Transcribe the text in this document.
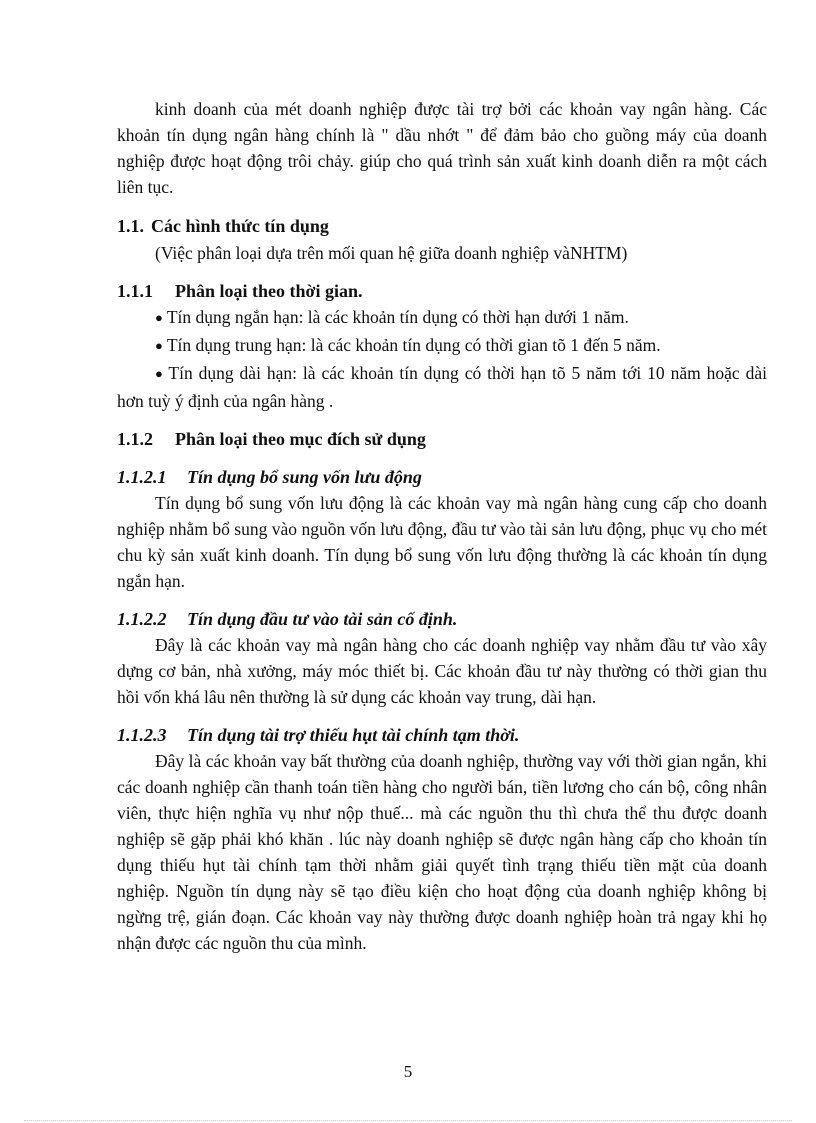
kinh doanh của mét doanh nghiệp được tài trợ bởi các khoản vay ngân hàng. Các khoản tín dụng ngân hàng chính là " dầu nhớt " để đảm bảo cho guồng máy của doanh nghiệp được hoạt động trôi chảy. giúp cho quá trình sản xuất kinh doanh diễn ra một cách liên tục.

1.1. Các hình thức tín dụng

(Việc phân loại dựa trên mối quan hệ giữa doanh nghiệp vàNHTM)

1.1.1 Phân loại theo thời gian.

● Tín dụng ngắn hạn: là các khoản tín dụng có thời hạn dưới 1 năm.

● Tín dụng trung hạn: là các khoản tín dụng có thời gian tõ 1 đến 5 năm.

● Tín dụng dài hạn: là các khoản tín dụng có thời hạn tõ 5 năm tới 10 năm hoặc dài hơn tuỳ ý định của ngân hàng .

1.1.2 Phân loại theo mục đích sử dụng
1.1.2.1 Tín dụng bổ sung vốn lưu động

Tín dụng bổ sung vốn lưu động là các khoản vay mà ngân hàng cung cấp cho doanh nghiệp nhằm bổ sung vào nguồn vốn lưu động, đầu tư vào tài sản lưu động, phục vụ cho mét chu kỳ sản xuất kinh doanh. Tín dụng bổ sung vốn lưu động thường là các khoản tín dụng ngắn hạn.

1.1.2.2 Tín dụng đầu tư vào tài sản cố định.

Đây là các khoản vay mà ngân hàng cho các doanh nghiệp vay nhằm đầu tư vào xây dựng cơ bản, nhà xưởng, máy móc thiết bị. Các khoản đầu tư này thường có thời gian thu hồi vốn khá lâu nên thường là sử dụng các khoản vay trung, dài hạn.

1.1.2.3 Tín dụng tài trợ thiếu hụt tài chính tạm thời.

Đây là các khoản vay bất thường của doanh nghiệp, thường vay với thời gian ngắn, khi các doanh nghiệp cần thanh toán tiền hàng cho người bán, tiền lương cho cán bộ, công nhân viên, thực hiện nghĩa vụ như nộp thuế... mà các nguồn thu thì chưa thể thu được doanh nghiệp sẽ gặp phải khó khăn . lúc này doanh nghiệp sẽ được ngân hàng cấp cho khoản tín dụng thiếu hụt tài chính tạm thời nhằm giải quyết tình trạng thiếu tiền mặt của doanh nghiệp. Nguồn tín dụng này sẽ tạo điều kiện cho hoạt động của doanh nghiệp không bị ngừng trệ, gián đoạn. Các khoản vay này thường được doanh nghiệp hoàn trả ngay khi họ nhận được các nguồn thu của mình.

5
